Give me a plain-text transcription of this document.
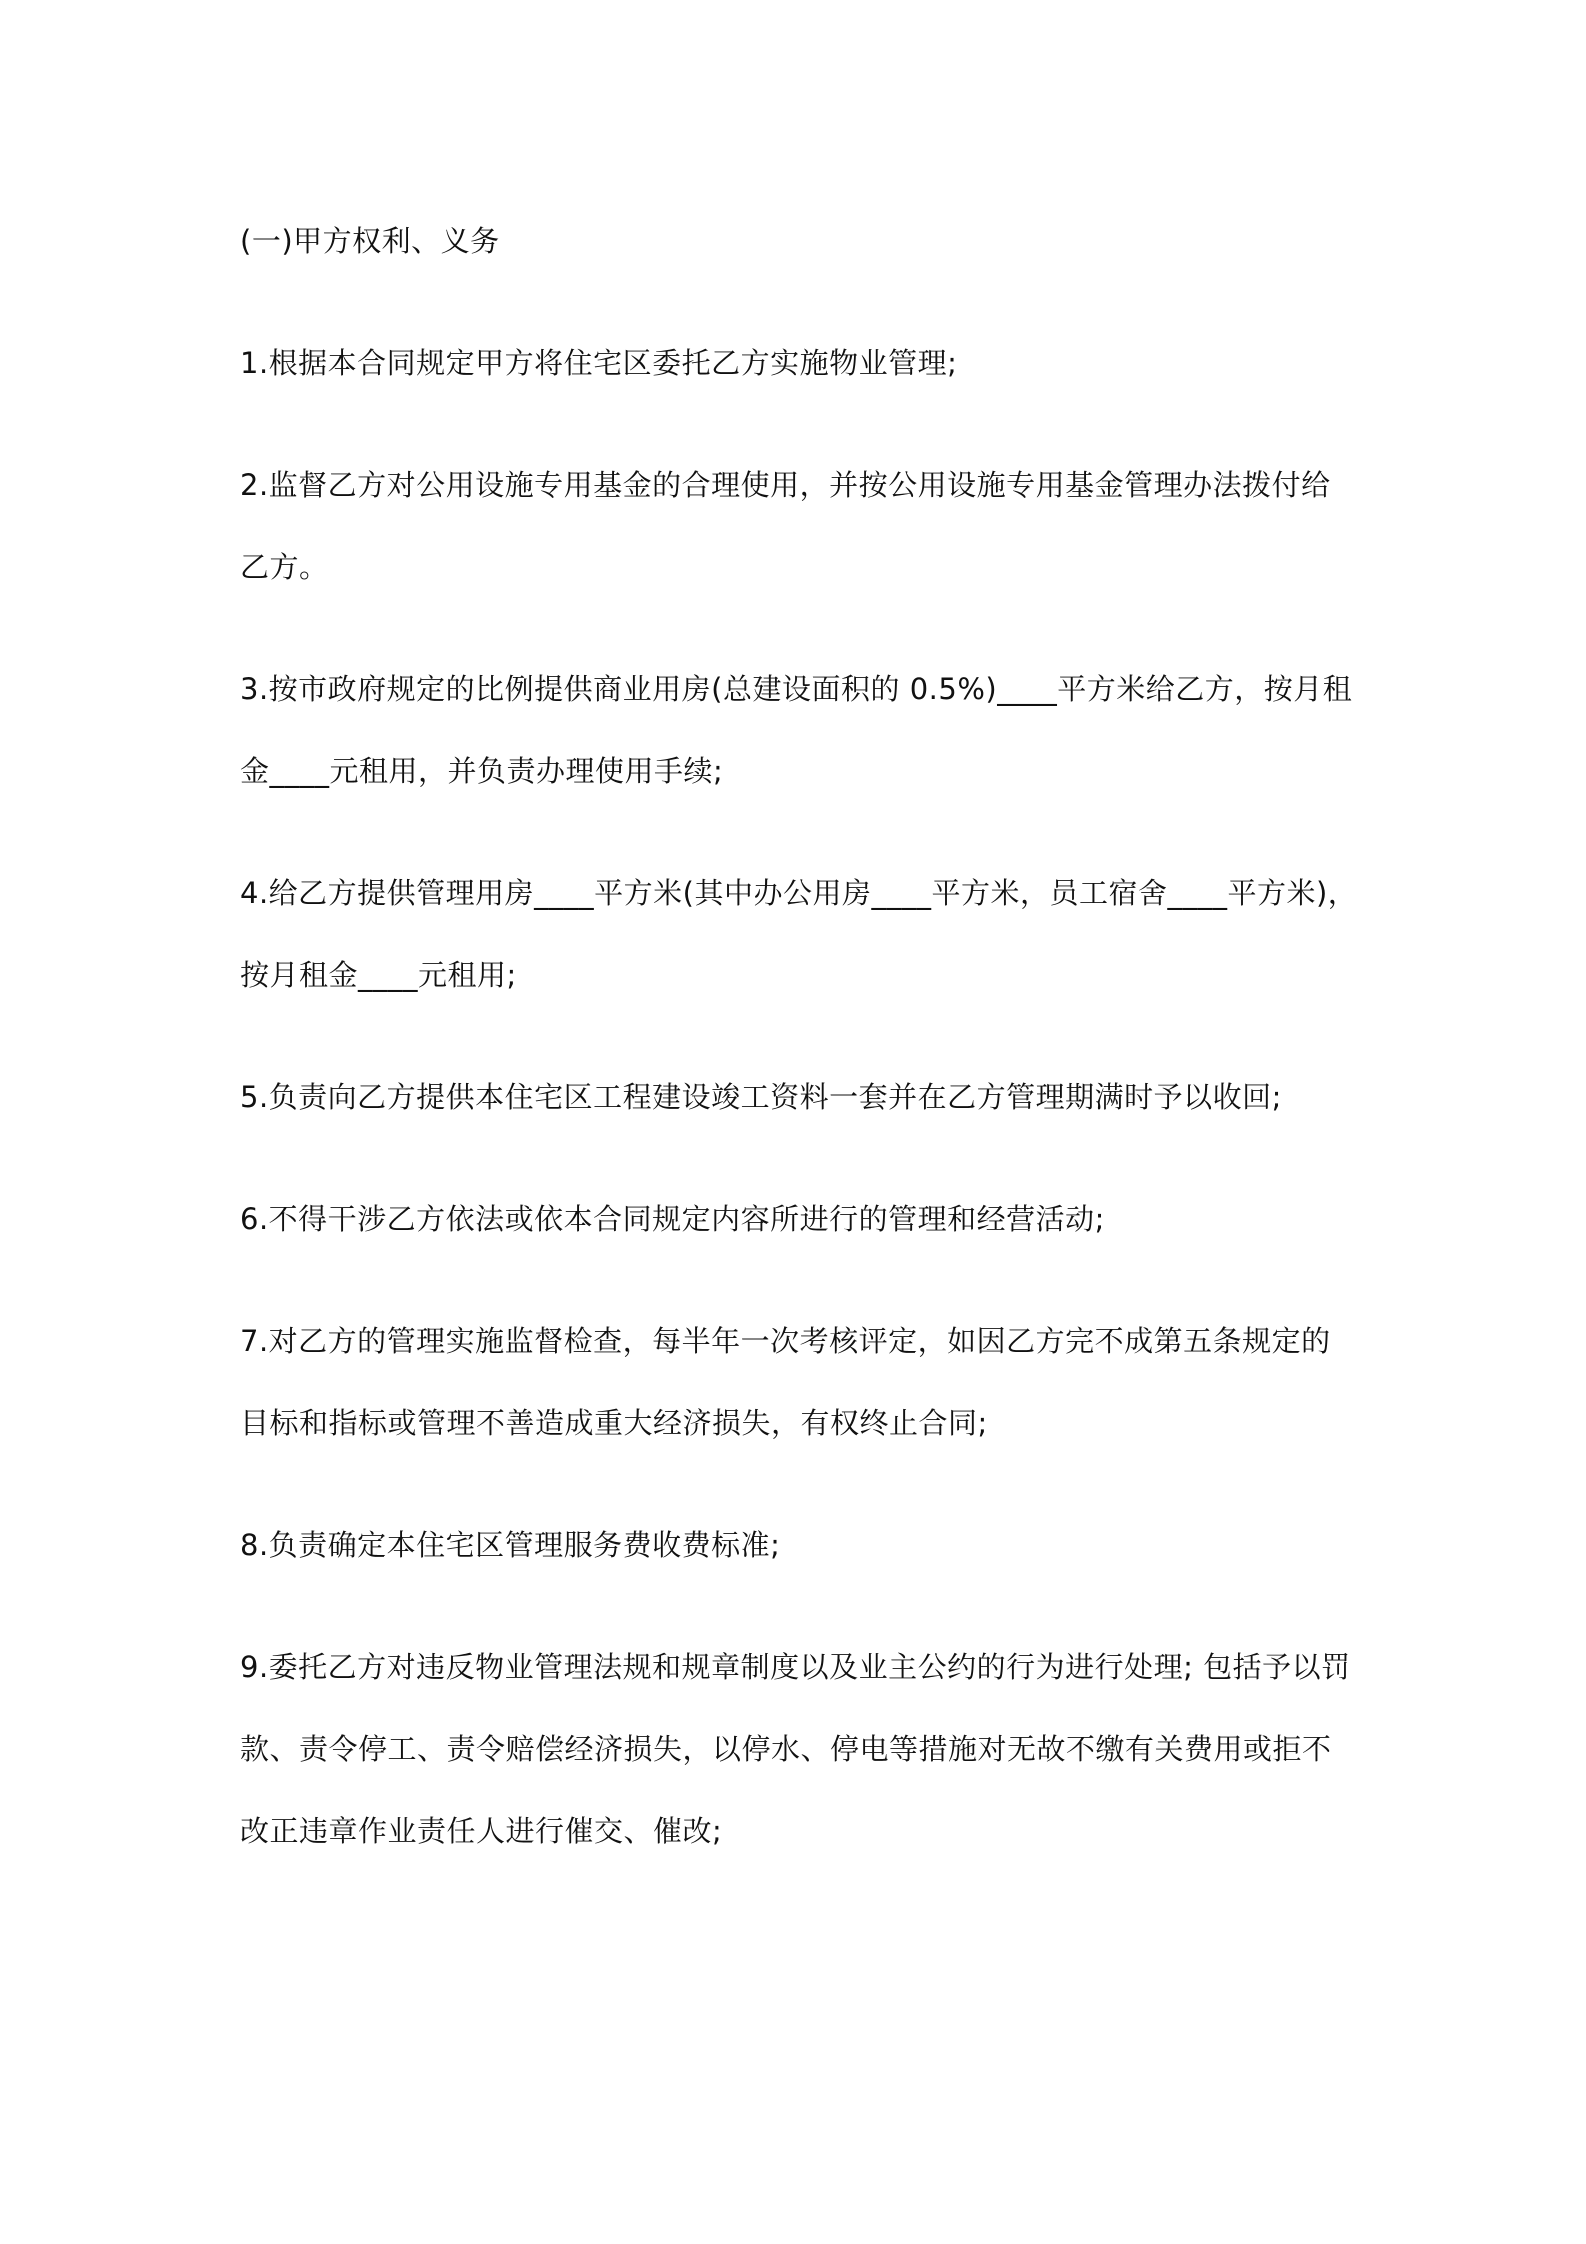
(一)甲方权利、义务

1.根据本合同规定甲方将住宅区委托乙方实施物业管理;

2.监督乙方对公用设施专用基金的合理使用，并按公用设施专用基金管理办法拨付给乙方。

3.按市政府规定的比例提供商业用房(总建设面积的 0.5%)____平方米给乙方，按月租金____元租用，并负责办理使用手续;

4.给乙方提供管理用房____平方米(其中办公用房____平方米，员工宿舍____平方米)，按月租金____元租用;

5.负责向乙方提供本住宅区工程建设竣工资料一套并在乙方管理期满时予以收回;

6.不得干涉乙方依法或依本合同规定内容所进行的管理和经营活动;

7.对乙方的管理实施监督检查，每半年一次考核评定，如因乙方完不成第五条规定的目标和指标或管理不善造成重大经济损失，有权终止合同;

8.负责确定本住宅区管理服务费收费标准;

9.委托乙方对违反物业管理法规和规章制度以及业主公约的行为进行处理; 包括予以罚款、责令停工、责令赔偿经济损失，以停水、停电等措施对无故不缴有关费用或拒不改正违章作业责任人进行催交、催改;
